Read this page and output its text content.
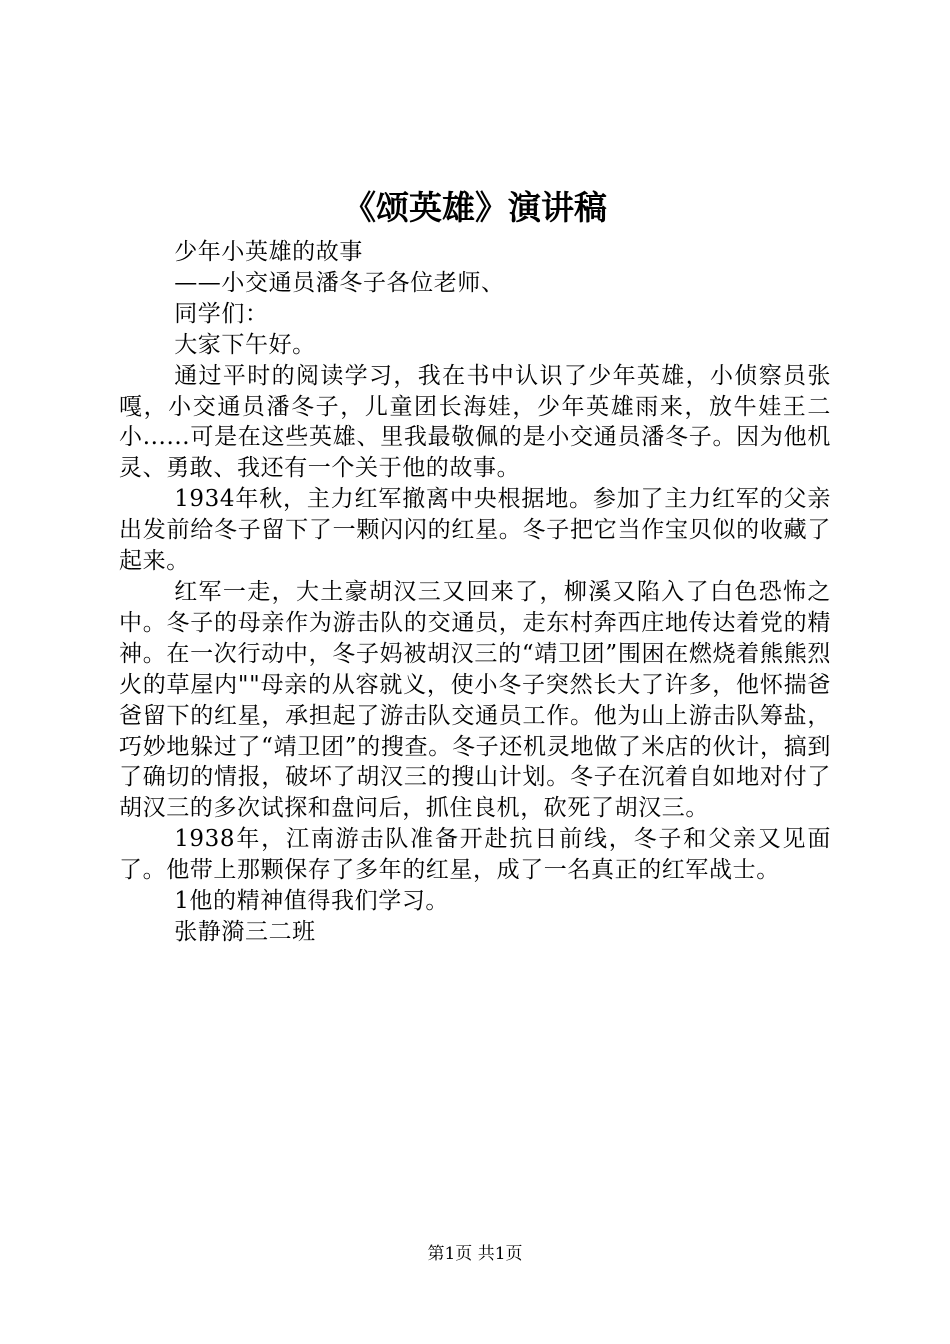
《颂英雄》演讲稿

少年小英雄的故事

——小交通员潘冬子各位老师、

同学们：

大家下午好。

通过平时的阅读学习，我在书中认识了少年英雄，小侦察员张嘎，小交通员潘冬子，儿童团长海娃，少年英雄雨来，放牛娃王二小......可是在这些英雄、里我最敬佩的是小交通员潘冬子。因为他机灵、勇敢、我还有一个关于他的故事。

1934年秋，主力红军撤离中央根据地。参加了主力红军的父亲出发前给冬子留下了一颗闪闪的红星。冬子把它当作宝贝似的收藏了起来。

红军一走，大土豪胡汉三又回来了，柳溪又陷入了白色恐怖之中。冬子的母亲作为游击队的交通员，走东村奔西庄地传达着党的精神。在一次行动中，冬子妈被胡汉三的“靖卫团”围困在燃烧着熊熊烈火的草屋内""母亲的从容就义，使小冬子突然长大了许多，他怀揣爸爸留下的红星，承担起了游击队交通员工作。他为山上游击队筹盐，巧妙地躲过了“靖卫团”的搜查。冬子还机灵地做了米店的伙计，搞到了确切的情报，破坏了胡汉三的搜山计划。冬子在沉着自如地对付了胡汉三的多次试探和盘问后，抓住良机，砍死了胡汉三。

1938年，江南游击队准备开赴抗日前线，冬子和父亲又见面了。他带上那颗保存了多年的红星，成了一名真正的红军战士。

1他的精神值得我们学习。

张静漪三二班

第1页 共1页
